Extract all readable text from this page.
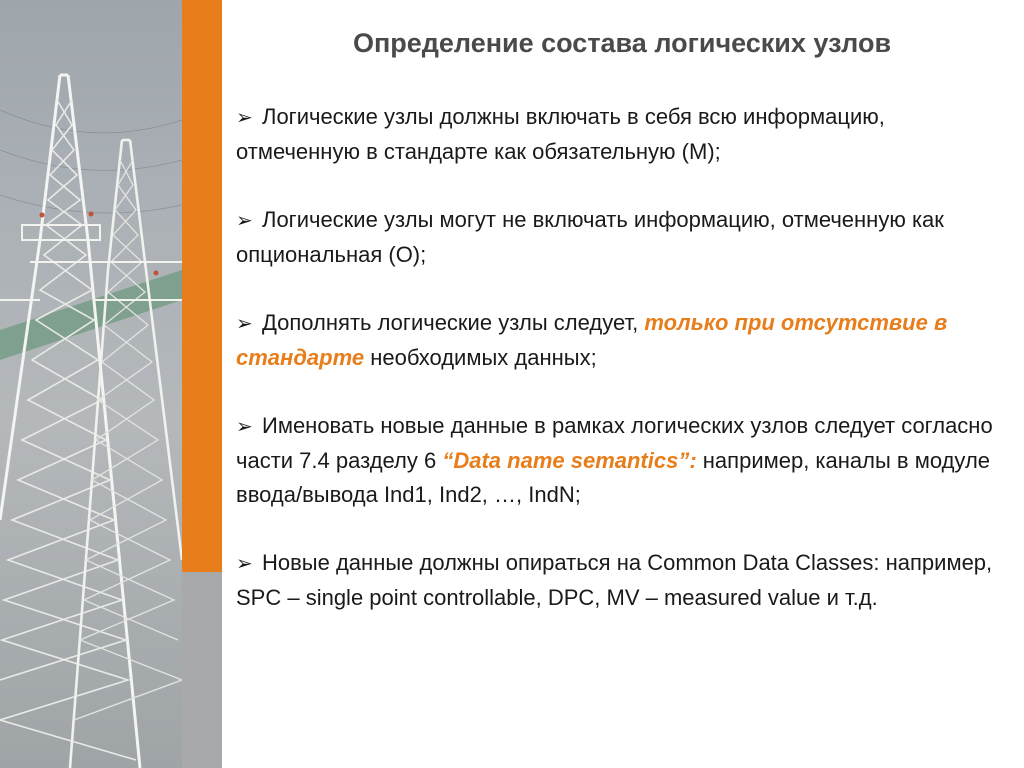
Определение состава логических узлов
➢ Логические узлы должны включать в себя всю информацию, отмеченную в стандарте как обязательную (M);
➢ Логические узлы могут не включать информацию, отмеченную как опциональная (O);
➢ Дополнять логические узлы следует, только при отсутствие в стандарте необходимых данных;
➢ Именовать новые данные в рамках логических узлов следует согласно части 7.4 разделу 6 “Data name semantics”: например, каналы в модуле ввода/вывода Ind1, Ind2, …, IndN;
➢ Новые данные должны опираться на Common Data Classes: например, SPC – single point controllable, DPC, MV – measured value и т.д.
